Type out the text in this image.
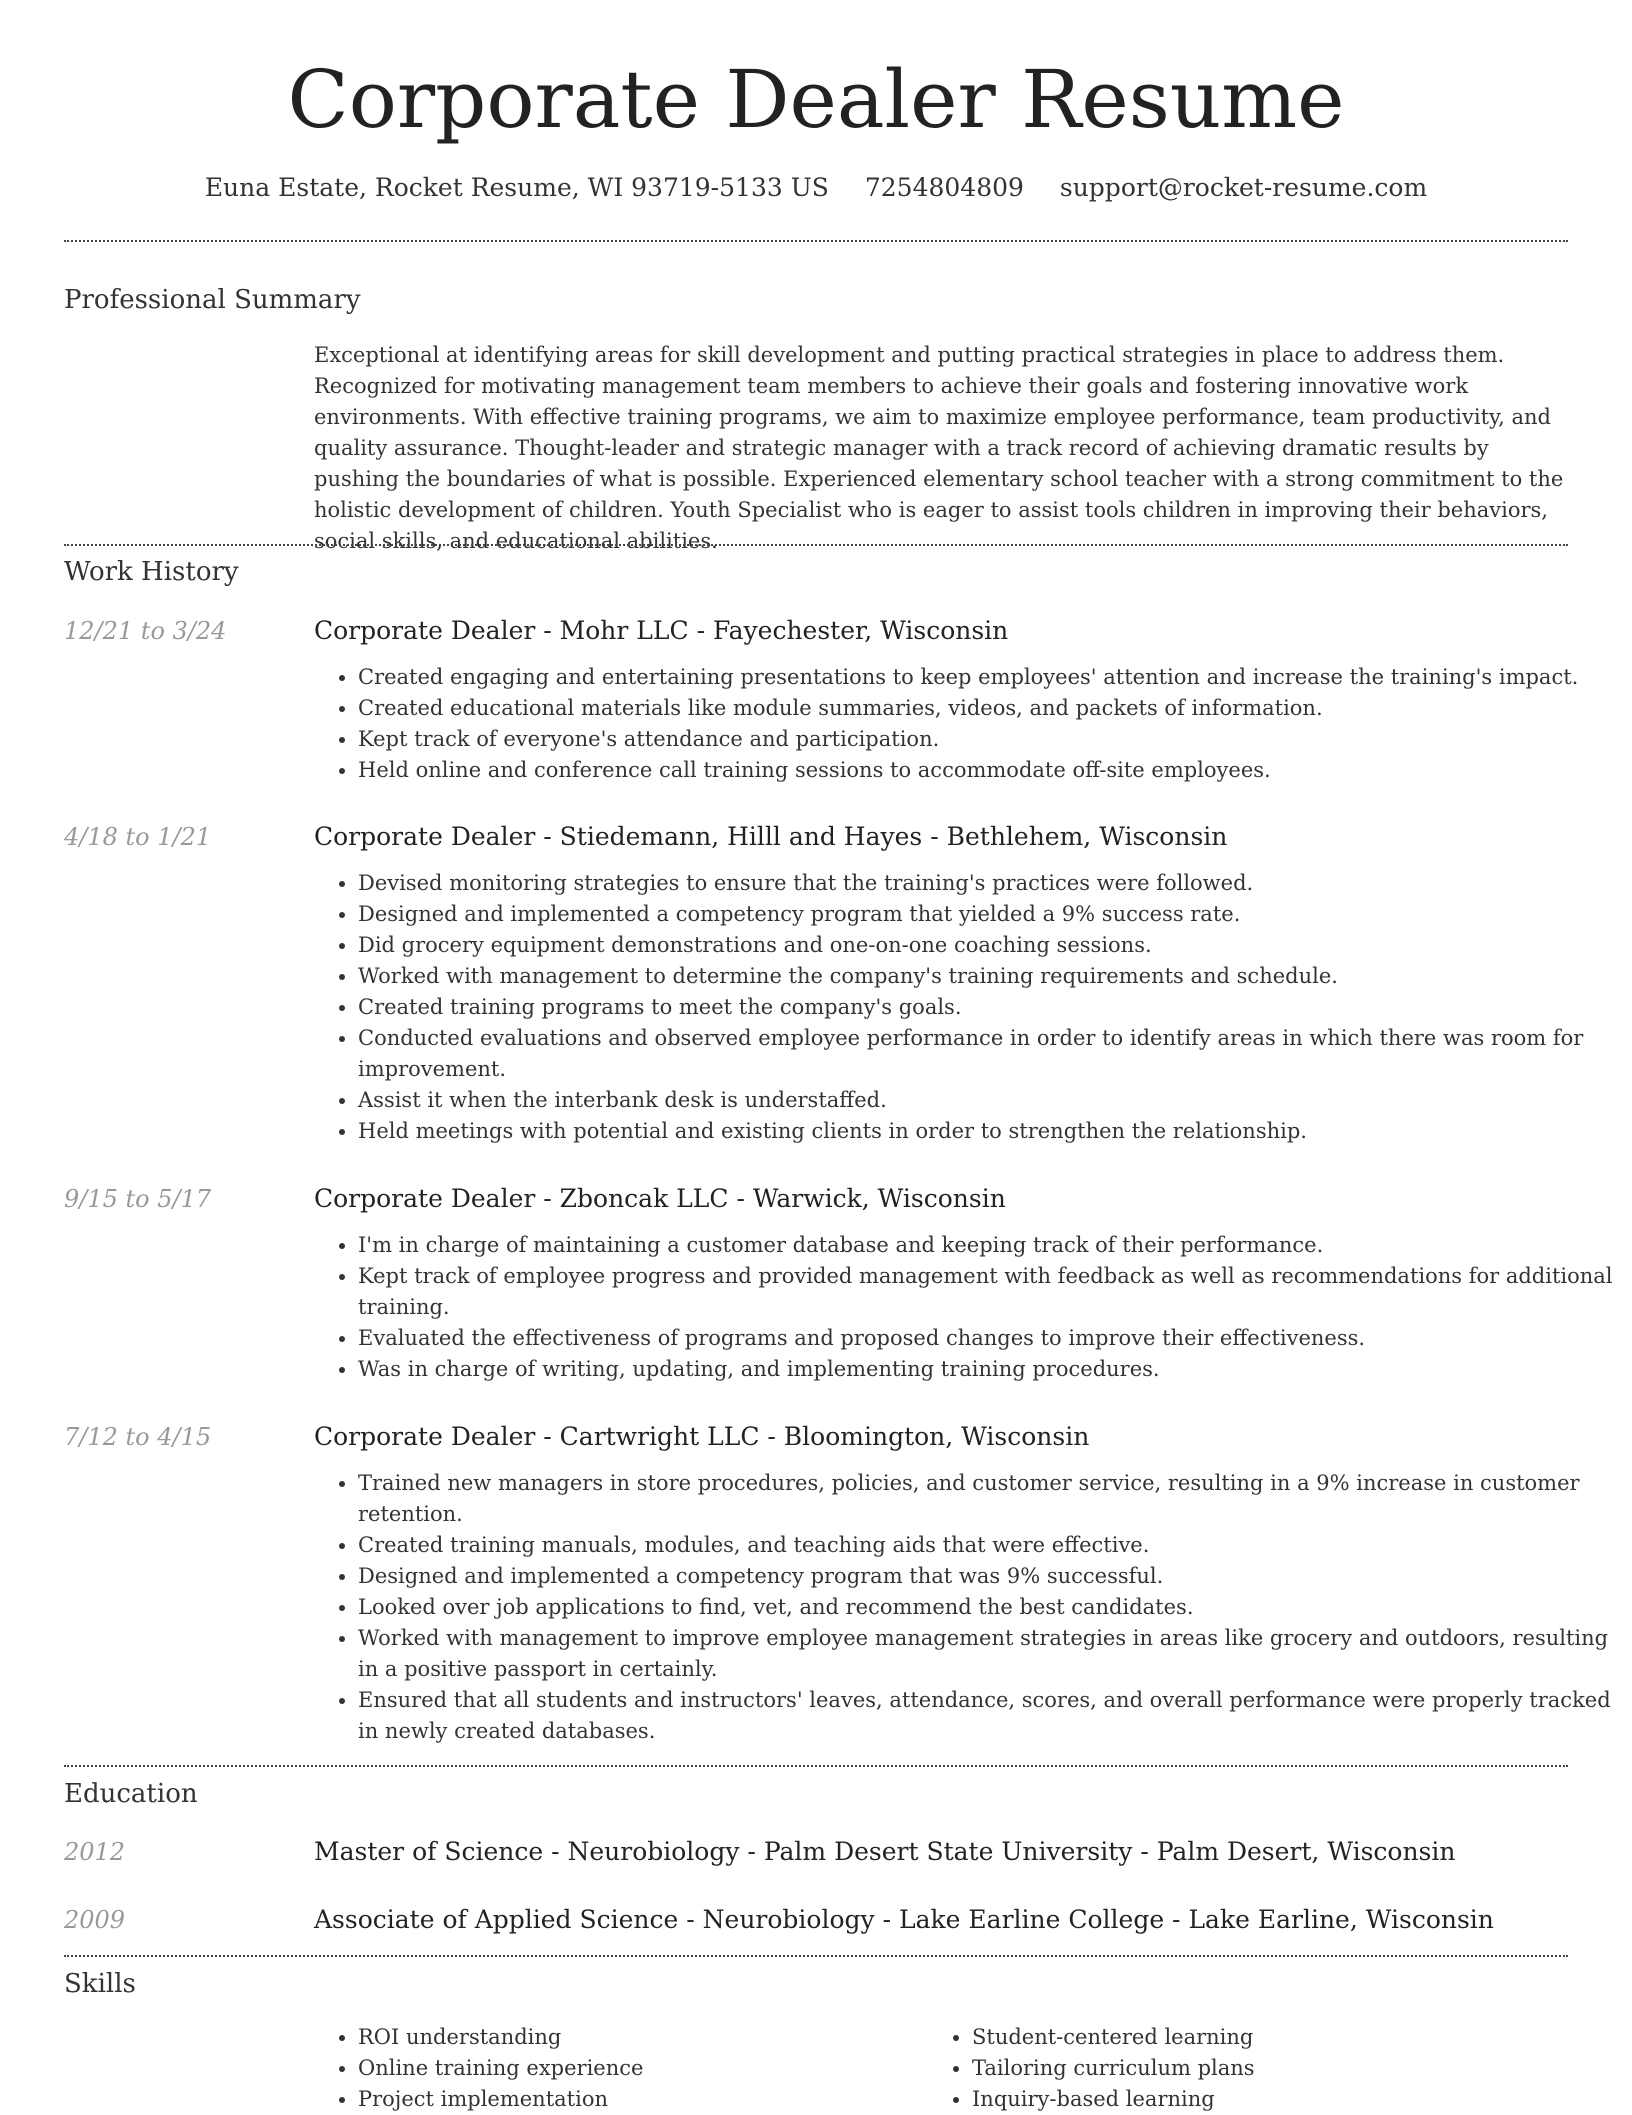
Corporate Dealer Resume
Euna Estate, Rocket Resume, WI 93719-5133 US 7254804809 support@rocket-resume.com
Professional Summary

Exceptional at identifying areas for skill development and putting practical strategies in place to address them. Recognized for motivating management team members to achieve their goals and fostering innovative work environments. With effective training programs, we aim to maximize employee performance, team productivity, and quality assurance. Thought-leader and strategic manager with a track record of achieving dramatic results by pushing the boundaries of what is possible. Experienced elementary school teacher with a strong commitment to the holistic development of children. Youth Specialist who is eager to assist tools children in improving their behaviors, social skills, and educational abilities.

Work History
12/21 to 3/24	Corporate Dealer - Mohr LLC - Fayechester, Wisconsin
• Created engaging and entertaining presentations to keep employees' attention and increase the training's impact.
• Created educational materials like module summaries, videos, and packets of information.
• Kept track of everyone's attendance and participation.
• Held online and conference call training sessions to accommodate off-site employees.
4/18 to 1/21	Corporate Dealer - Stiedemann, Hilll and Hayes - Bethlehem, Wisconsin
• Devised monitoring strategies to ensure that the training's practices were followed.
• Designed and implemented a competency program that yielded a 9% success rate.
• Did grocery equipment demonstrations and one-on-one coaching sessions.
• Worked with management to determine the company's training requirements and schedule.
• Created training programs to meet the company's goals.
• Conducted evaluations and observed employee performance in order to identify areas in which there was room for improvement.
• Assist it when the interbank desk is understaffed.
• Held meetings with potential and existing clients in order to strengthen the relationship.
9/15 to 5/17	Corporate Dealer - Zboncak LLC - Warwick, Wisconsin
• I'm in charge of maintaining a customer database and keeping track of their performance.
• Kept track of employee progress and provided management with feedback as well as recommendations for additional training.
• Evaluated the effectiveness of programs and proposed changes to improve their effectiveness.
• Was in charge of writing, updating, and implementing training procedures.
7/12 to 4/15	Corporate Dealer - Cartwright LLC - Bloomington, Wisconsin
• Trained new managers in store procedures, policies, and customer service, resulting in a 9% increase in customer retention.
• Created training manuals, modules, and teaching aids that were effective.
• Designed and implemented a competency program that was 9% successful.
• Looked over job applications to find, vet, and recommend the best candidates.
• Worked with management to improve employee management strategies in areas like grocery and outdoors, resulting in a positive passport in certainly.
• Ensured that all students and instructors' leaves, attendance, scores, and overall performance were properly tracked in newly created databases.
Education
2012	Master of Science - Neurobiology - Palm Desert State University - Palm Desert, Wisconsin
2009	Associate of Applied Science - Neurobiology - Lake Earline College - Lake Earline, Wisconsin
Skills
• ROI understanding
• Online training experience
• Project implementation
• Student-centered learning
• Tailoring curriculum plans
• Inquiry-based learning
